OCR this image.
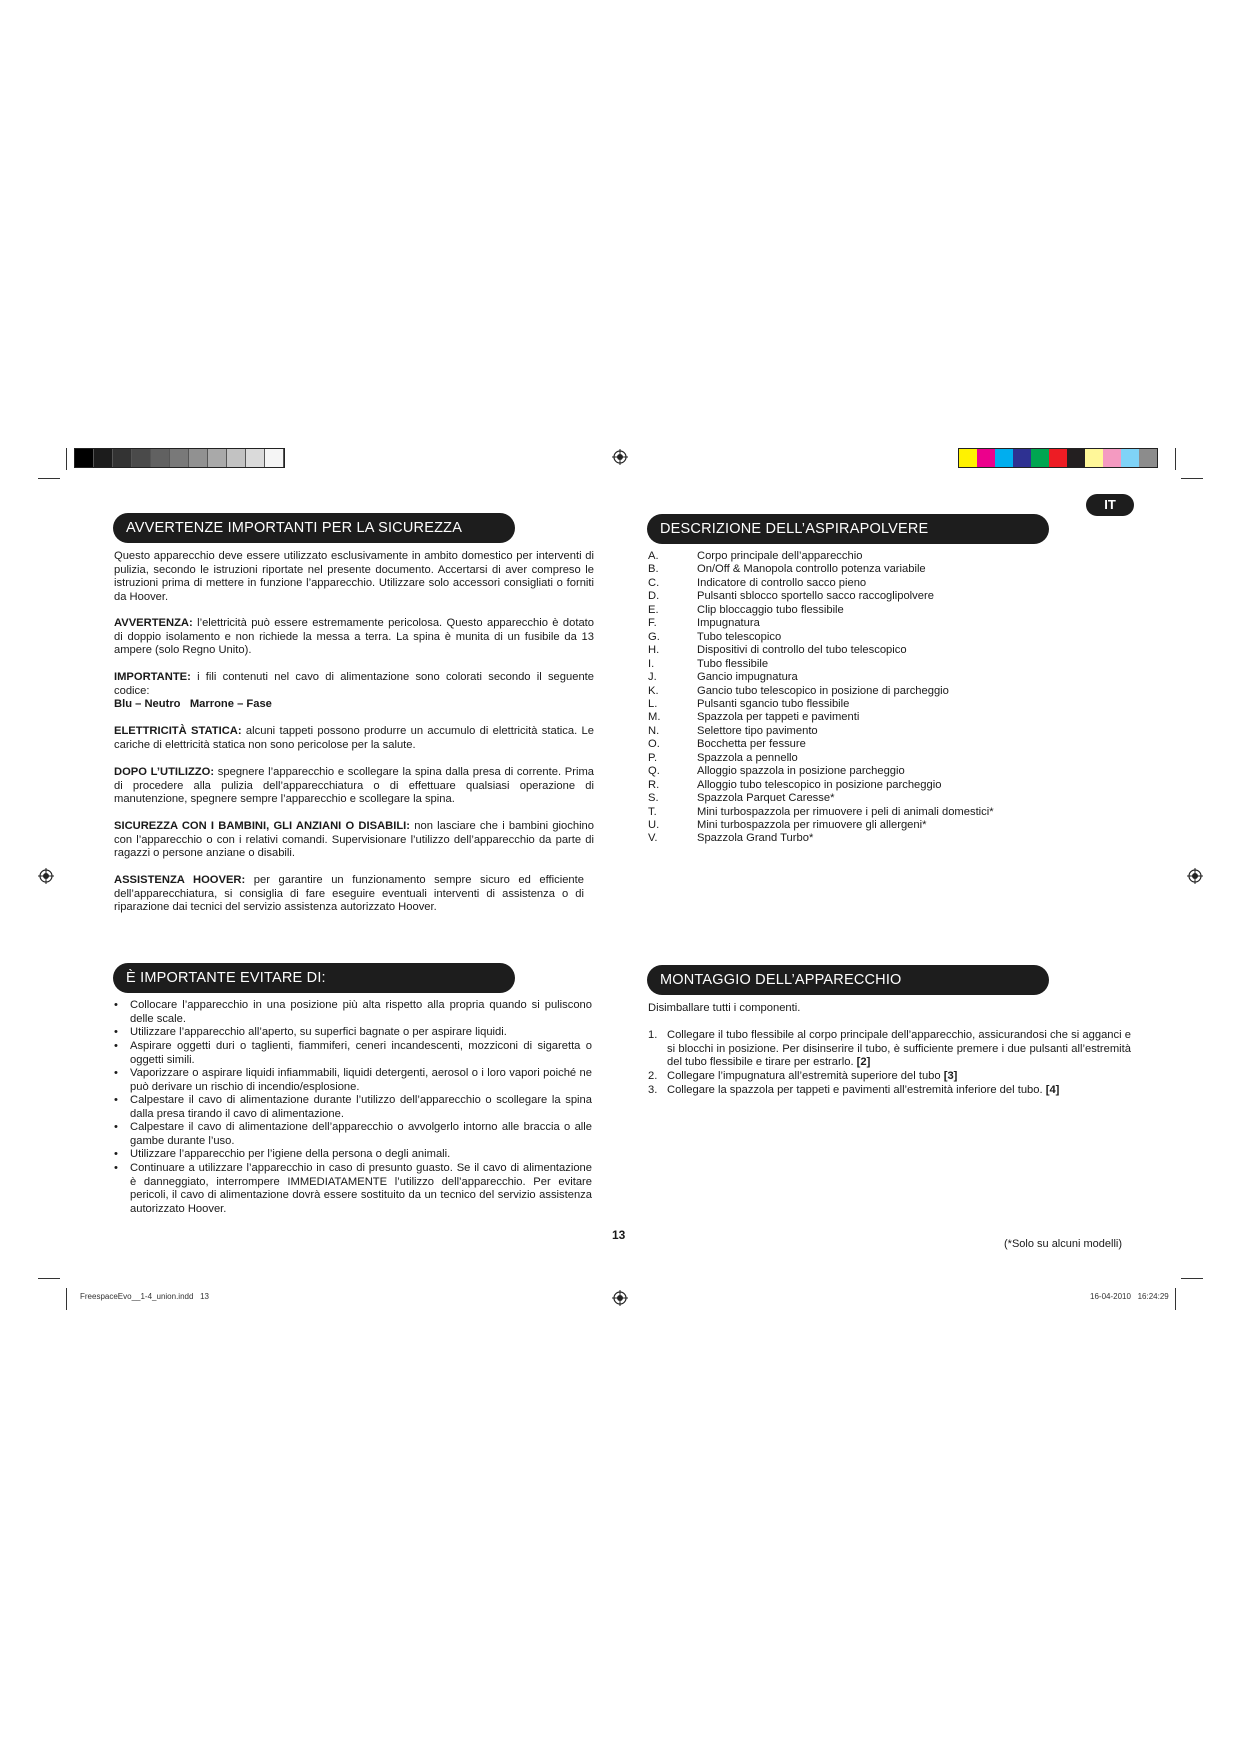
IT
AVVERTENZE IMPORTANTI PER LA SICUREZZA
Questo apparecchio deve essere utilizzato esclusivamente in ambito domestico per interventi di pulizia, secondo le istruzioni riportate nel presente documento. Accertarsi di aver compreso le istruzioni prima di mettere in funzione l’apparecchio. Utilizzare solo accessori consigliati o forniti da Hoover.
AVVERTENZA: l’elettricità può essere estremamente pericolosa. Questo apparecchio è dotato di doppio isolamento e non richiede la messa a terra. La spina è munita di un fusibile da 13 ampere (solo Regno Unito).
IMPORTANTE: i fili contenuti nel cavo di alimentazione sono colorati secondo il seguente codice:
Blu – Neutro   Marrone – Fase
ELETTRICITÀ STATICA: alcuni tappeti possono produrre un accumulo di elettricità statica. Le cariche di elettricità statica non sono pericolose per la salute.
DOPO L’UTILIZZO: spegnere l’apparecchio e scollegare la spina dalla presa di corrente. Prima di procedere alla pulizia dell’apparecchiatura o di effettuare qualsiasi operazione di manutenzione, spegnere sempre l’apparecchio e scollegare la spina.
SICUREZZA CON I BAMBINI, GLI ANZIANI O DISABILI: non lasciare che i bambini giochino con l’apparecchio o con i relativi comandi. Supervisionare l’utilizzo dell’apparecchio da parte di ragazzi o persone anziane o disabili.
ASSISTENZA HOOVER: per garantire un funzionamento sempre sicuro ed efficiente dell’apparecchiatura, si consiglia di fare eseguire eventuali interventi di assistenza o di riparazione dai tecnici del servizio assistenza autorizzato Hoover.
DESCRIZIONE DELL’ASPIRAPOLVERE
A.	Corpo principale dell’apparecchio
B.	On/Off & Manopola controllo potenza variabile
C.	Indicatore di controllo sacco pieno
D.	Pulsanti sblocco sportello sacco raccoglipolvere
E.	Clip bloccaggio tubo flessibile
F.	Impugnatura
G.	Tubo telescopico
H.	Dispositivi di controllo del tubo telescopico
I.	Tubo flessibile
J.	Gancio impugnatura
K.	Gancio tubo telescopico in posizione di parcheggio
L.	Pulsanti sgancio tubo flessibile
M.	Spazzola per tappeti e pavimenti
N.	Selettore tipo pavimento
O.	Bocchetta per fessure
P.	Spazzola a pennello
Q.	Alloggio spazzola in posizione parcheggio
R.	Alloggio tubo telescopico in posizione parcheggio
S.	Spazzola Parquet Caresse*
T.	Mini turbospazzola per rimuovere i peli di animali domestici*
U.	Mini turbospazzola per rimuovere gli allergeni*
V.	Spazzola Grand Turbo*
È IMPORTANTE EVITARE DI:
• Collocare l’apparecchio in una posizione più alta rispetto alla propria quando si puliscono delle scale.
• Utilizzare l’apparecchio all’aperto, su superfici bagnate o per aspirare liquidi.
• Aspirare oggetti duri o taglienti, fiammiferi, ceneri incandescenti, mozziconi di sigaretta o oggetti simili.
• Vaporizzare o aspirare liquidi infiammabili, liquidi detergenti, aerosol o i loro vapori poiché ne può derivare un rischio di incendio/esplosione.
• Calpestare il cavo di alimentazione durante l’utilizzo dell’apparecchio o scollegare la spina dalla presa tirando il cavo di alimentazione.
• Calpestare il cavo di alimentazione dell’apparecchio o avvolgerlo intorno alle braccia o alle gambe durante l’uso.
• Utilizzare l’apparecchio per l’igiene della persona o degli animali.
• Continuare a utilizzare l’apparecchio in caso di presunto guasto. Se il cavo di alimentazione è danneggiato, interrompere IMMEDIATAMENTE l’utilizzo dell’apparecchio. Per evitare pericoli, il cavo di alimentazione dovrà essere sostituito da un tecnico del servizio assistenza autorizzato Hoover.
MONTAGGIO DELL’APPARECCHIO
Disimballare tutti i componenti.
1. Collegare il tubo flessibile al corpo principale dell’apparecchio, assicurandosi che si agganci e si blocchi in posizione. Per disinserire il tubo, è sufficiente premere i due pulsanti all’estremità del tubo flessibile e tirare per estrarlo. [2]
2. Collegare l’impugnatura all’estremità superiore del tubo [3]
3. Collegare la spazzola per tappeti e pavimenti all’estremità inferiore del tubo. [4]
13
(*Solo su alcuni modelli)
FreespaceEvo__1-4_union.indd   13	16-04-2010   16:24:29
